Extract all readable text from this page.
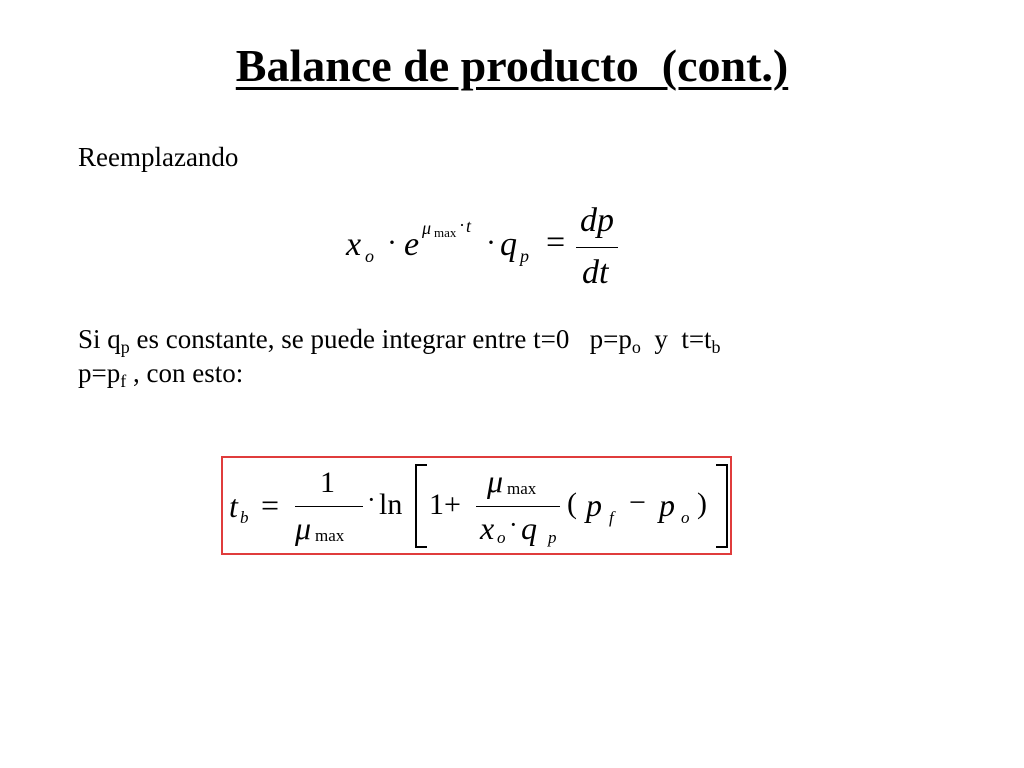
Balance de producto  (cont.)
Reemplazando
x o · e μ max · t · q p =
dp
dt
Si $q_p$ es constante, se puede integrar entre t=0   $p=p_o$  y  $t=t_b$
$p=p_f$ , con esto:
t b =
1
μ max
· ln 1+
μ max
x o · q p
( p f − p o )
